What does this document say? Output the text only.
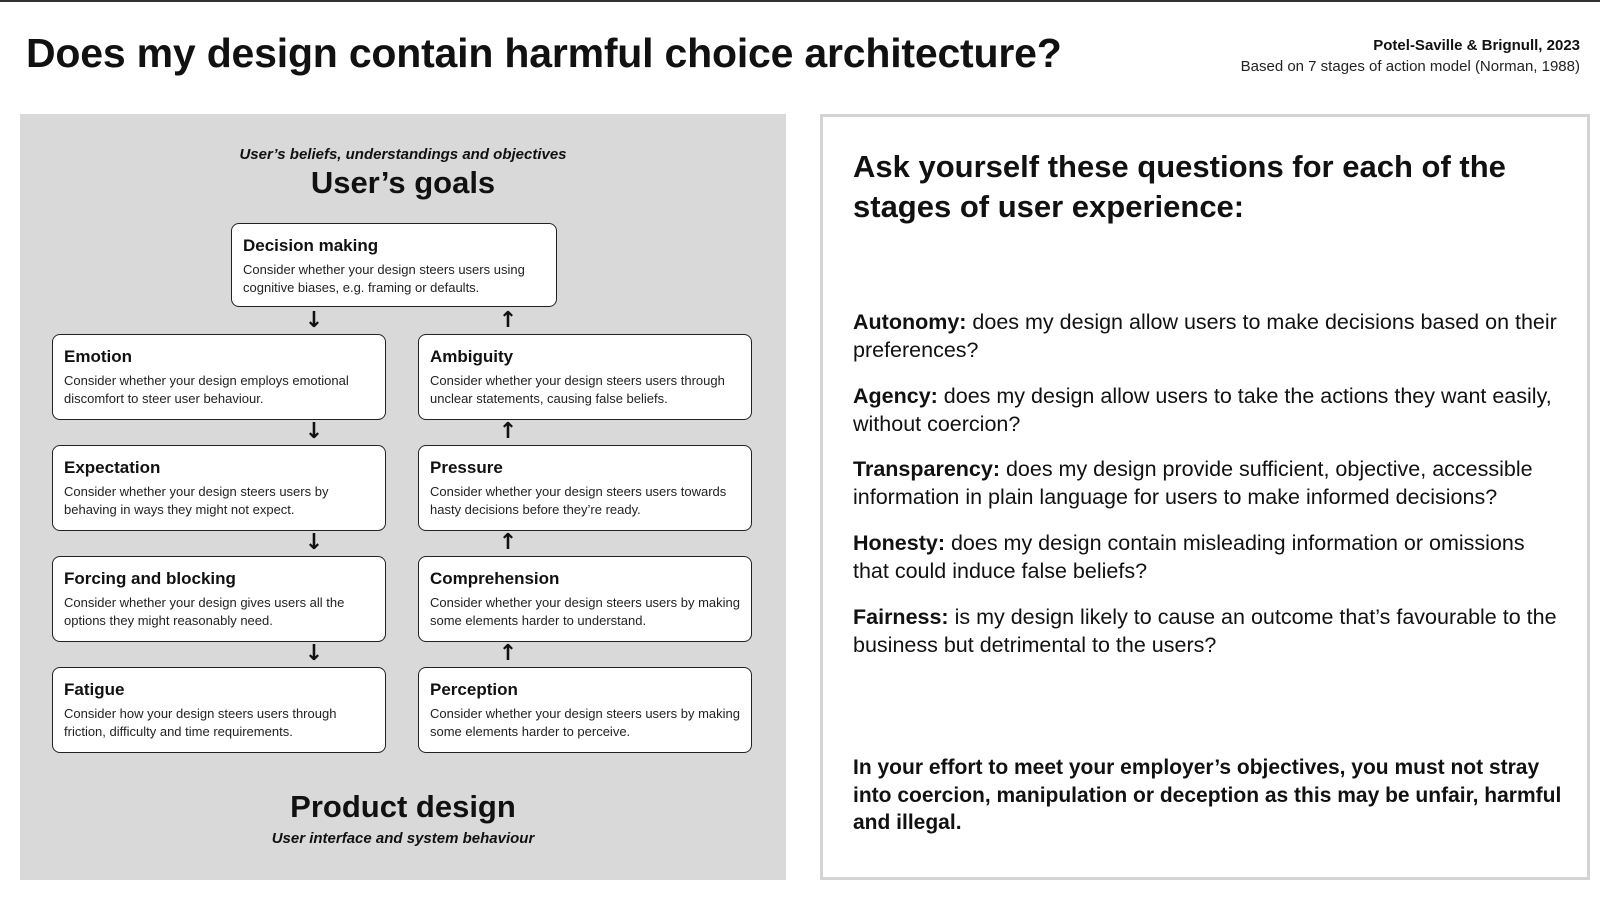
Does my design contain harmful choice architecture?	Potel-Saville & Brignull, 2023
Based on 7 stages of action model (Norman, 1988)
User’s beliefs, understandings and objectives
User’s goals
Decision making
Consider whether your design steers users using cognitive biases, e.g. framing or defaults.
Emotion
Consider whether your design employs emotional discomfort to steer user behaviour.
Expectation
Consider whether your design steers users by behaving in ways they might not expect.
Forcing and blocking
Consider whether your design gives users all the options they might reasonably need.
Fatigue
Consider how your design steers users through friction, difficulty and time requirements.
Ambiguity
Consider whether your design steers users through unclear statements, causing false beliefs.
Pressure
Consider whether your design steers users towards hasty decisions before they’re ready.
Comprehension
Consider whether your design steers users by making some elements harder to understand.
Perception
Consider whether your design steers users by making some elements harder to perceive.
↓
↓
↓
↓
↑
↑
↑
↑
Product design
User interface and system behaviour
Ask yourself these questions for each of the stages of user experience:
Autonomy: does my design allow users to make decisions based on their preferences?
Agency: does my design allow users to take the actions they want easily, without coercion?
Transparency: does my design provide sufficient, objective, accessible information in plain language for users to make informed decisions?
Honesty: does my design contain misleading information or omissions that could induce false beliefs?
Fairness: is my design likely to cause an outcome that’s favourable to the business but detrimental to the users?
In your effort to meet your employer’s objectives, you must not stray into coercion, manipulation or deception as this may be unfair, harmful and illegal.
